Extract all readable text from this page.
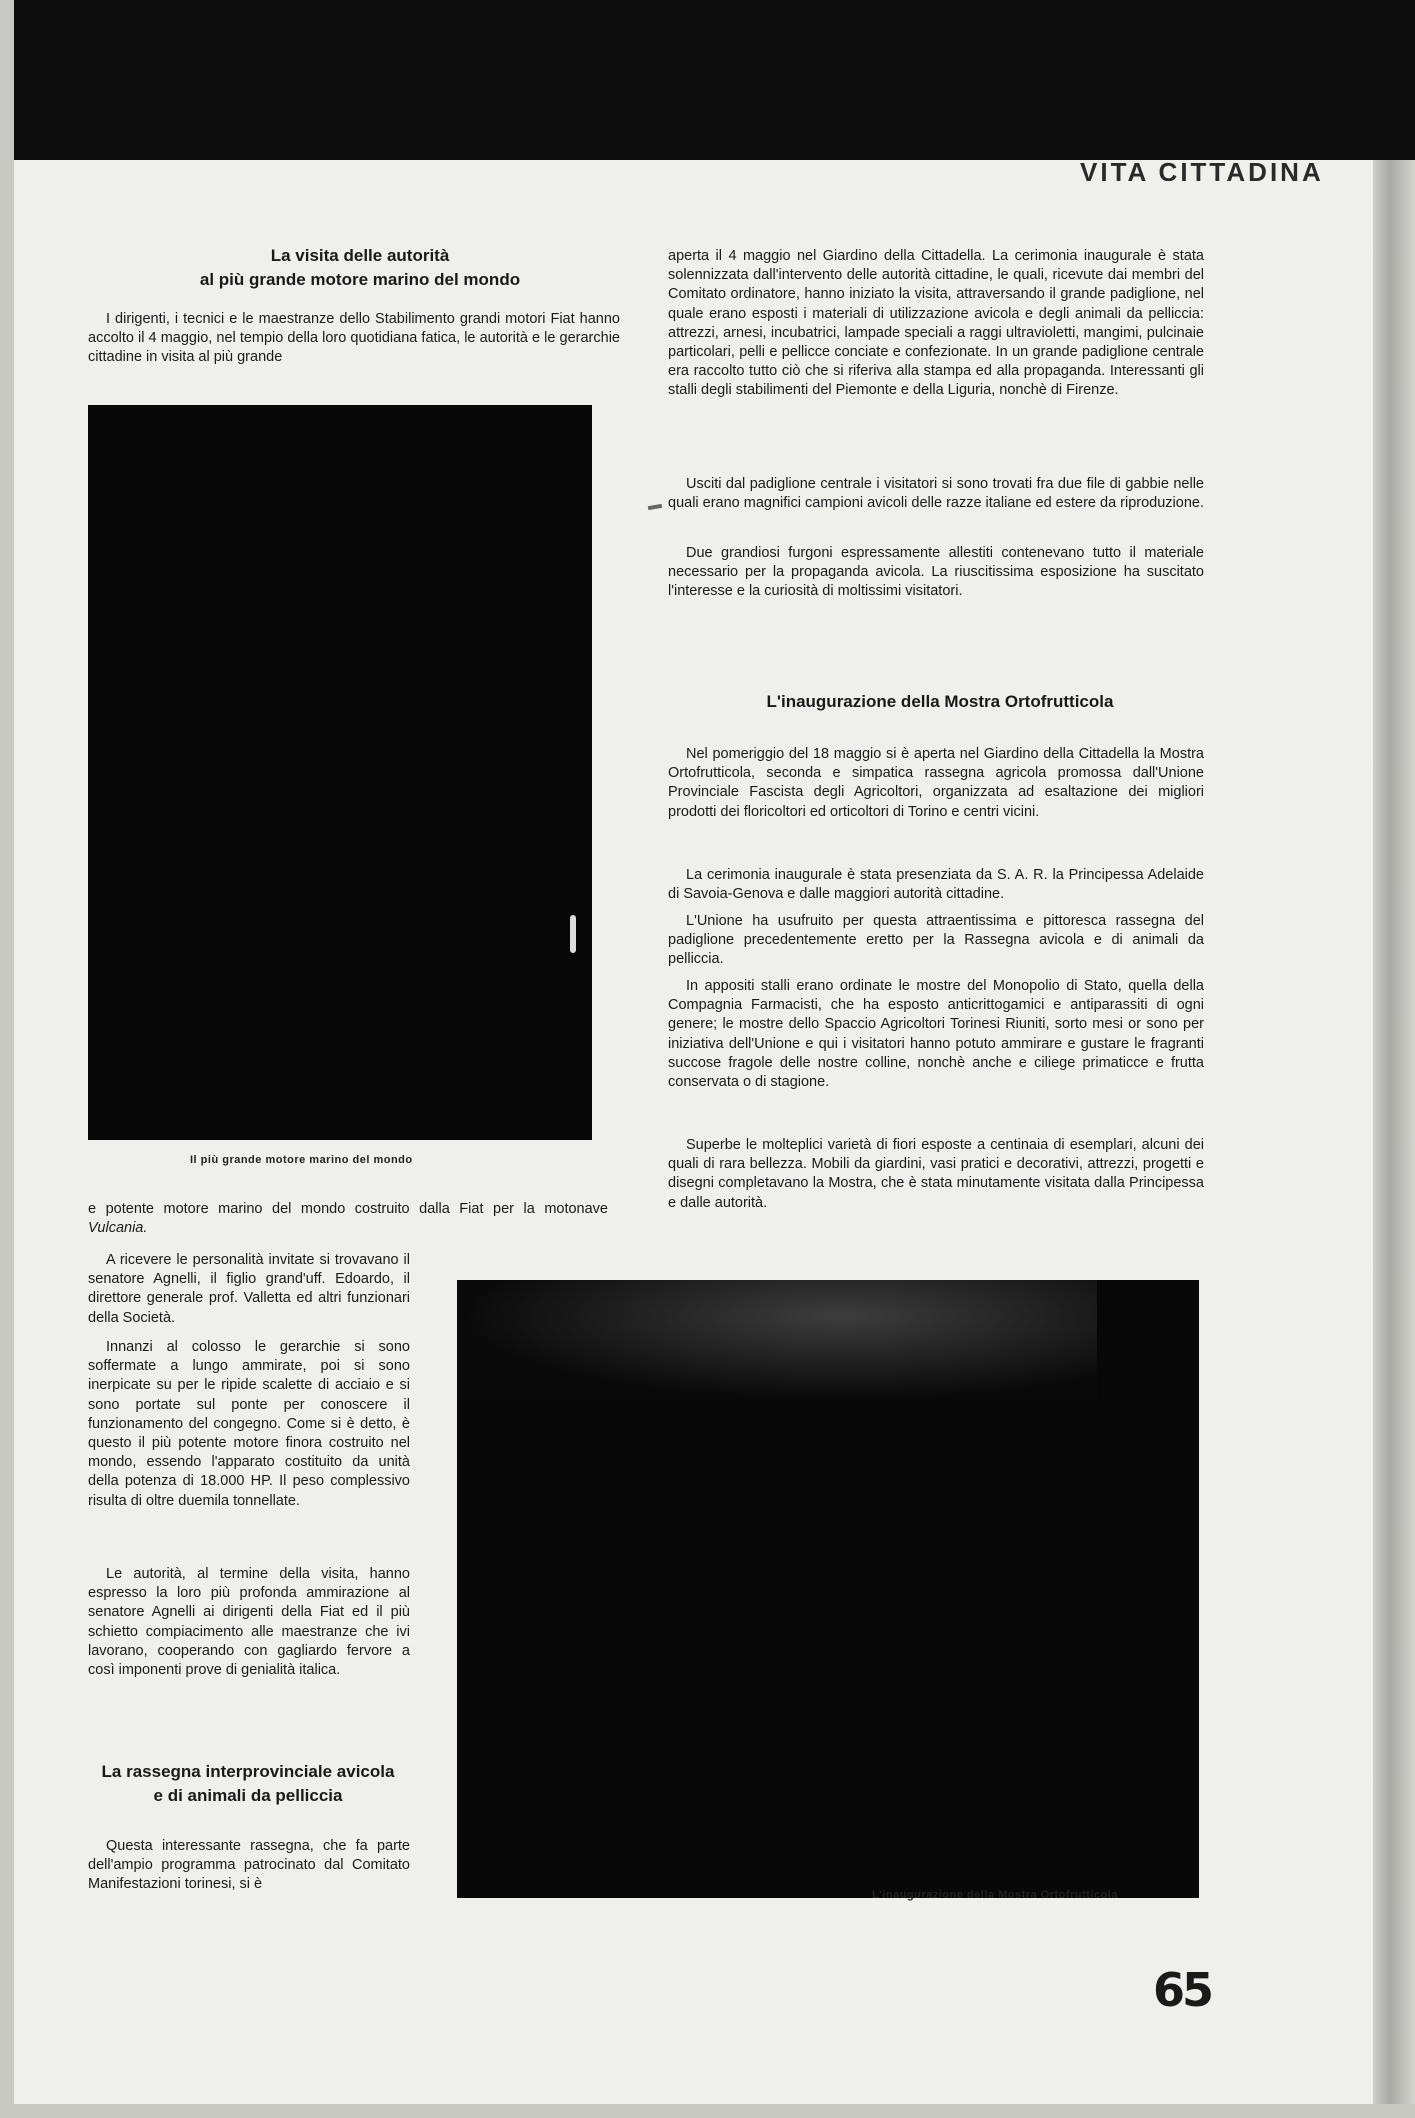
VITA CITTADINA
La visita delle autorità
al più grande motore marino del mondo

I dirigenti, i tecnici e le maestranze dello Stabilimento grandi motori Fiat hanno accolto il 4 maggio, nel tempio della loro quotidiana fatica, le autorità e le gerarchie cittadine in visita al più grande

Il più grande motore marino del mondo

e potente motore marino del mondo costruito dalla Fiat per la motonave Vulcania.

A ricevere le personalità invitate si trovavano il senatore Agnelli, il figlio grand'uff. Edoardo, il direttore generale prof. Valletta ed altri funzionari della Società.

Innanzi al colosso le gerarchie si sono soffermate a lungo ammirate, poi si sono inerpicate su per le ripide scalette di acciaio e si sono portate sul ponte per conoscere il funzionamento del congegno. Come si è detto, è questo il più potente motore finora costruito nel mondo, essendo l'apparato costituito da unità della potenza di 18.000 HP. Il peso complessivo risulta di oltre duemila tonnellate.

Le autorità, al termine della visita, hanno espresso la loro più profonda ammirazione al senatore Agnelli ai dirigenti della Fiat ed il più schietto compiacimento alle maestranze che ivi lavorano, cooperando con gagliardo fervore a così imponenti prove di genialità italica.

La rassegna interprovinciale avicola
e di animali da pelliccia

Questa interessante rassegna, che fa parte dell'ampio programma patrocinato dal Comitato Manifestazioni torinesi, si è

aperta il 4 maggio nel Giardino della Cittadella. La cerimonia inaugurale è stata solennizzata dall'intervento delle autorità cittadine, le quali, ricevute dai membri del Comitato ordinatore, hanno iniziato la visita, attraversando il grande padiglione, nel quale erano esposti i materiali di utilizzazione avicola e degli animali da pelliccia: attrezzi, arnesi, incubatrici, lampade speciali a raggi ultravioletti, mangimi, pulcinaie particolari, pelli e pellicce conciate e confezionate. In un grande padiglione centrale era raccolto tutto ciò che si riferiva alla stampa ed alla propaganda. Interessanti gli stalli degli stabilimenti del Piemonte e della Liguria, nonchè di Firenze.

Usciti dal padiglione centrale i visitatori si sono trovati fra due file di gabbie nelle quali erano magnifici campioni avicoli delle razze italiane ed estere da riproduzione.

Due grandiosi furgoni espressamente allestiti contenevano tutto il materiale necessario per la propaganda avicola. La riuscitissima esposizione ha suscitato l'interesse e la curiosità di moltissimi visitatori.

L'inaugurazione della Mostra Ortofrutticola

Nel pomeriggio del 18 maggio si è aperta nel Giardino della Cittadella la Mostra Ortofrutticola, seconda e simpatica rassegna agricola promossa dall'Unione Provinciale Fascista degli Agricoltori, organizzata ad esaltazione dei migliori prodotti dei floricoltori ed orticoltori di Torino e centri vicini.

La cerimonia inaugurale è stata presenziata da S. A. R. la Principessa Adelaide di Savoia-Genova e dalle maggiori autorità cittadine.

L'Unione ha usufruito per questa attraentissima e pittoresca rassegna del padiglione precedentemente eretto per la Rassegna avicola e di animali da pelliccia.

In appositi stalli erano ordinate le mostre del Monopolio di Stato, quella della Compagnia Farmacisti, che ha esposto anticrittogamici e antiparassiti di ogni genere; le mostre dello Spaccio Agricoltori Torinesi Riuniti, sorto mesi or sono per iniziativa dell'Unione e qui i visitatori hanno potuto ammirare e gustare le fragranti succose fragole delle nostre colline, nonchè anche e ciliege primaticce e frutta conservata o di stagione.

Superbe le molteplici varietà di fiori esposte a centinaia di esemplari, alcuni dei quali di rara bellezza. Mobili da giardini, vasi pratici e decorativi, attrezzi, progetti e disegni completavano la Mostra, che è stata minutamente visitata dalla Principessa e dalle autorità.

L'inaugurazione della Mostra Ortofrutticola
65
